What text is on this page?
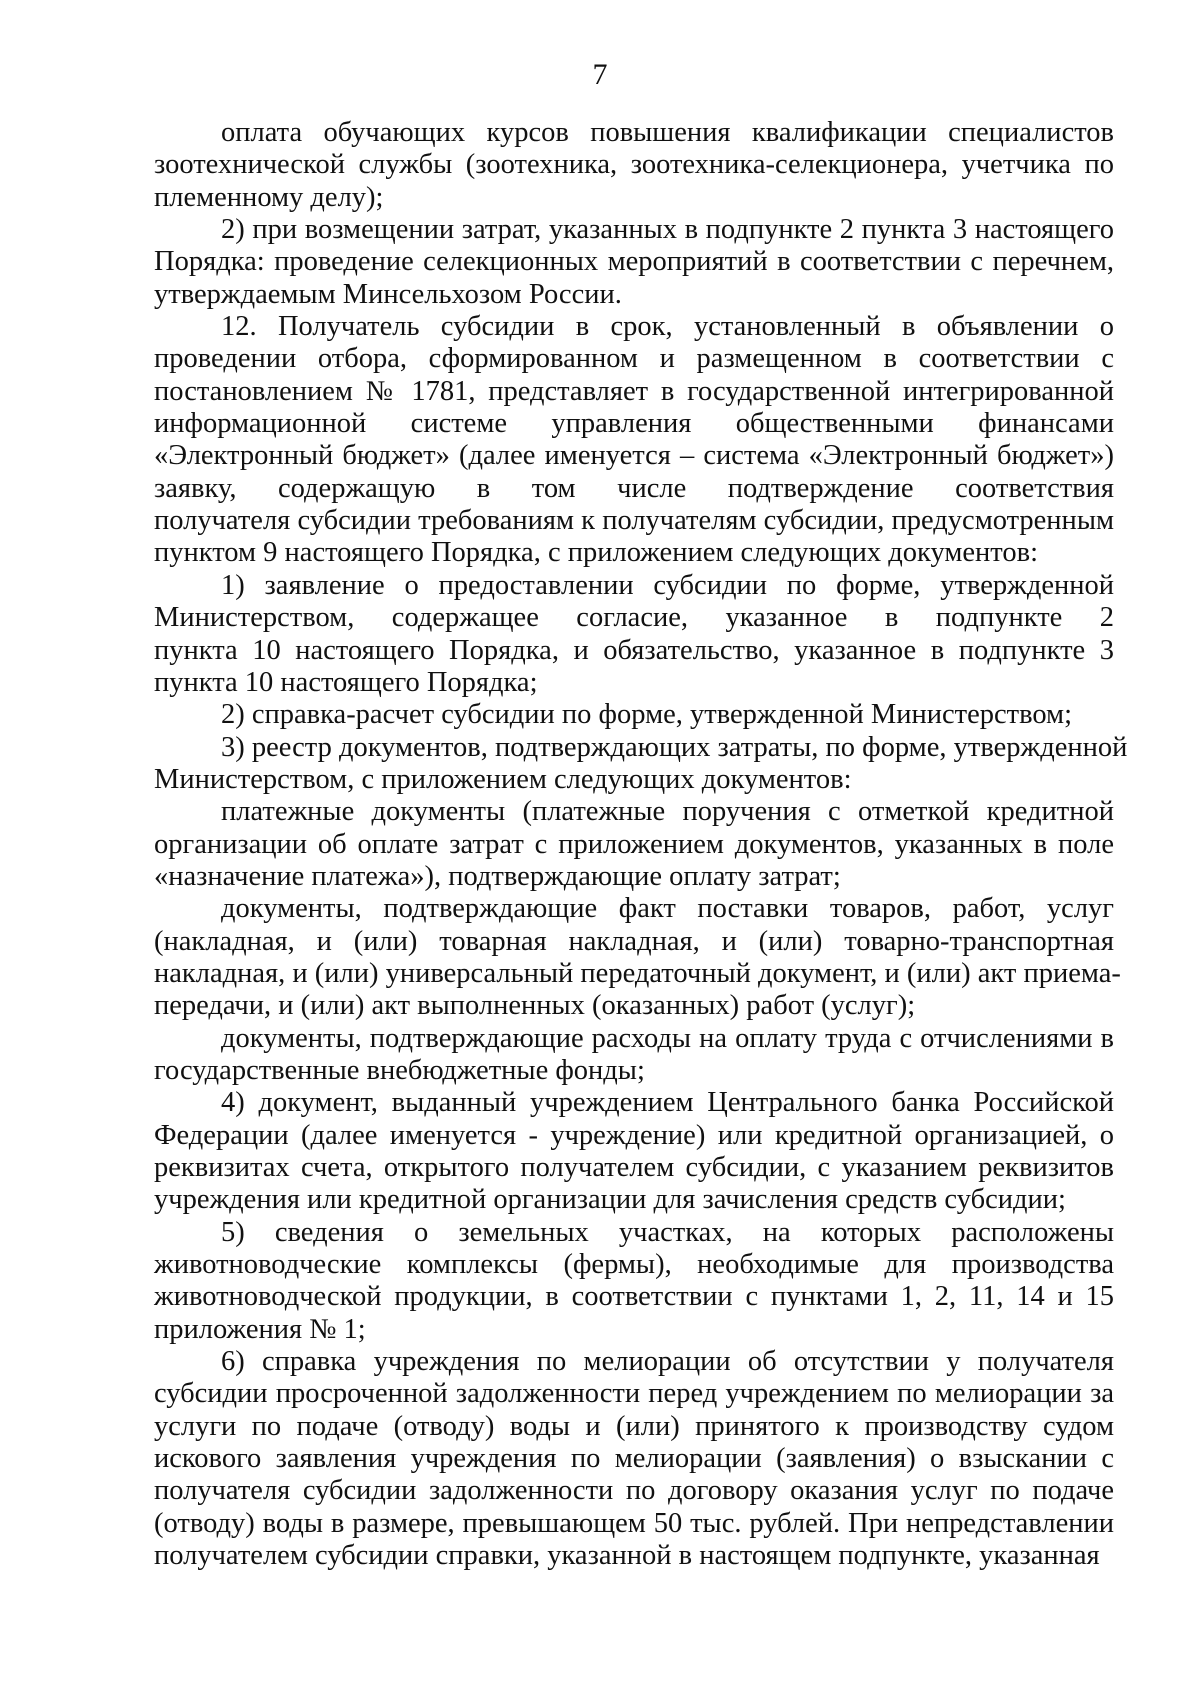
7

оплата обучающих курсов повышения квалификации специалистов
зоотехнической службы (зоотехника, зоотехника-селекционера, учетчика по
племенному делу);

2) при возмещении затрат, указанных в подпункте 2 пункта 3 настоящего
Порядка: проведение селекционных мероприятий в соответствии с перечнем,
утверждаемым Минсельхозом России.

12. Получатель субсидии в срок, установленный в объявлении о
проведении отбора, сформированном и размещенном в соответствии с
постановлением № 1781, представляет в государственной интегрированной
информационной системе управления общественными финансами
«Электронный бюджет» (далее именуется – система «Электронный бюджет»)
заявку, содержащую в том числе подтверждение соответствия
получателя субсидии требованиям к получателям субсидии, предусмотренным
пунктом 9 настоящего Порядка, с приложением следующих документов:

1) заявление о предоставлении субсидии по форме, утвержденной
Министерством, содержащее согласие, указанное в подпункте 2
пункта 10 настоящего Порядка, и обязательство, указанное в подпункте 3
пункта 10 настоящего Порядка;

2) справка-расчет субсидии по форме, утвержденной Министерством;

3) реестр документов, подтверждающих затраты, по форме, утвержденной
Министерством, с приложением следующих документов:

платежные документы (платежные поручения с отметкой кредитной
организации об оплате затрат с приложением документов, указанных в поле
«назначение платежа»), подтверждающие оплату затрат;

документы, подтверждающие факт поставки товаров, работ, услуг
(накладная, и (или) товарная накладная, и (или) товарно-транспортная
накладная, и (или) универсальный передаточный документ, и (или) акт приема-
передачи, и (или) акт выполненных (оказанных) работ (услуг);

документы, подтверждающие расходы на оплату труда с отчислениями в
государственные внебюджетные фонды;

4) документ, выданный учреждением Центрального банка Российской
Федерации (далее именуется - учреждение) или кредитной организацией, о
реквизитах счета, открытого получателем субсидии, с указанием реквизитов
учреждения или кредитной организации для зачисления средств субсидии;

5) сведения о земельных участках, на которых расположены
животноводческие комплексы (фермы), необходимые для производства
животноводческой продукции, в соответствии с пунктами 1, 2, 11, 14 и 15
приложения № 1;

6) справка учреждения по мелиорации об отсутствии у получателя
субсидии просроченной задолженности перед учреждением по мелиорации за
услуги по подаче (отводу) воды и (или) принятого к производству судом
искового заявления учреждения по мелиорации (заявления) о взыскании с
получателя субсидии задолженности по договору оказания услуг по подаче
(отводу) воды в размере, превышающем 50 тыс. рублей. При непредставлении
получателем субсидии справки, указанной в настоящем подпункте, указанная
